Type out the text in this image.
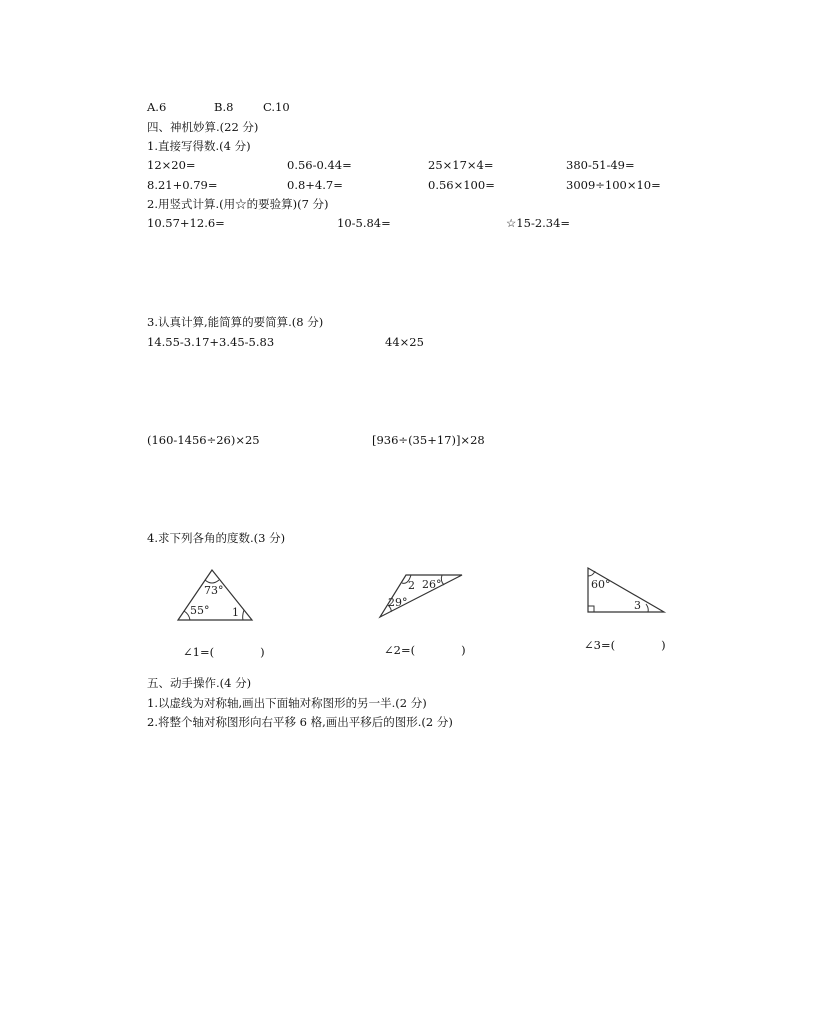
A.6	B.8	C.10
四、神机妙算.(22 分)
1.直接写得数.(4 分)
12×20=	0.56-0.44=	25×17×4=	380-51-49=
8.21+0.79=	0.8+4.7=	0.56×100=	3009÷100×10=
2.用竖式计算.(用☆的要验算)(7 分)
10.57+12.6=	10-5.84=	☆15-2.34=
3.认真计算,能简算的要简算.(8 分)
14.55-3.17+3.45-5.83	44×25
(160-1456÷26)×25	[936÷(35+17)]×28
4.求下列各角的度数.(3 分)
73°
55° 1
∠1=(　　　　)
2 26°
29°
∠2=(　　　　)
60°
3
∠3=(　　　　)
五、动手操作.(4 分)
1.以虚线为对称轴,画出下面轴对称图形的另一半.(2 分)
2.将整个轴对称图形向右平移 6 格,画出平移后的图形.(2 分)
